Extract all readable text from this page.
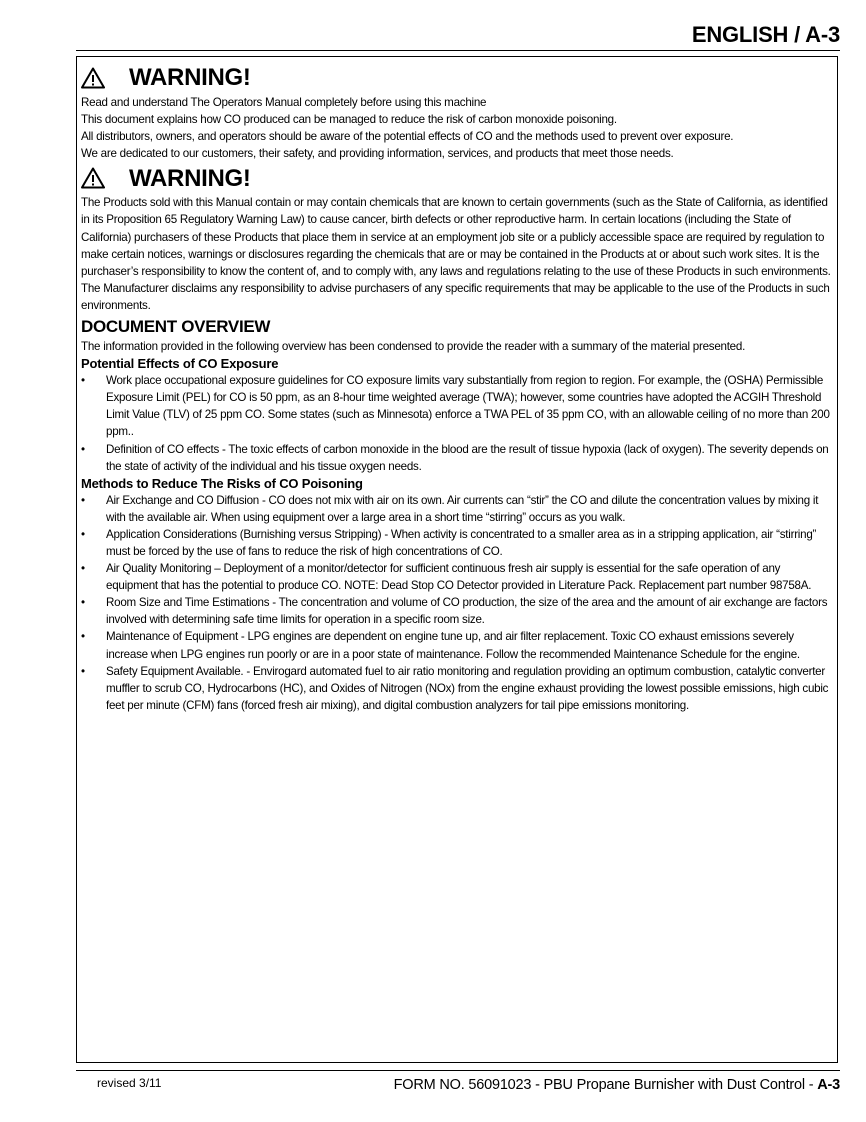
ENGLISH / A-3
WARNING!
Read and understand The Operators Manual completely before using this machine
This document explains how CO produced can be managed to reduce the risk of carbon monoxide poisoning.
All distributors, owners, and operators should be aware of the potential effects of CO and the methods used to prevent over exposure.
We are dedicated to our customers, their safety, and providing information, services, and products that meet those needs.
WARNING!

The Products sold with this Manual contain or may contain chemicals that are known to certain governments (such as the State of California, as identified in its Proposition 65 Regulatory Warning Law) to cause cancer, birth defects or other reproductive harm. In certain locations (including the State of California) purchasers of these Products that place them in service at an employment job site or a publicly accessible space are required by regulation to make certain notices, warnings or disclosures regarding the chemicals that are or may be contained in the Products at or about such work sites. It is the purchaser’s responsibility to know the content of, and to comply with, any laws and regulations relating to the use of these Products in such environments. The Manufacturer disclaims any responsibility to advise purchasers of any specific requirements that may be applicable to the use of the Products in such environments.

DOCUMENT OVERVIEW

The information provided in the following overview has been condensed to provide the reader with a summary of the material presented.

Potential Effects of CO Exposure
• Work place occupational exposure guidelines for CO exposure limits vary substantially from region to region. For example, the (OSHA) Permissible Exposure Limit (PEL) for CO is 50 ppm, as an 8-hour time weighted average (TWA); however, some countries have adopted the ACGIH Threshold Limit Value (TLV) of 25 ppm CO. Some states (such as Minnesota) enforce a TWA PEL of 35 ppm CO, with an allowable ceiling of no more than 200 ppm..
• Definition of CO effects - The toxic effects of carbon monoxide in the blood are the result of tissue hypoxia (lack of oxygen). The severity depends on the state of activity of the individual and his tissue oxygen needs.
Methods to Reduce The Risks of CO Poisoning
• Air Exchange and CO Diffusion - CO does not mix with air on its own. Air currents can “stir” the CO and dilute the concentration values by mixing it with the available air. When using equipment over a large area in a short time “stirring” occurs as you walk.
• Application Considerations (Burnishing versus Stripping) - When activity is concentrated to a smaller area as in a stripping application, air “stirring” must be forced by the use of fans to reduce the risk of high concentrations of CO.
• Air Quality Monitoring – Deployment of a monitor/detector for sufficient continuous fresh air supply is essential for the safe operation of any equipment that has the potential to produce CO. NOTE: Dead Stop CO Detector provided in Literature Pack. Replacement part number 98758A.
• Room Size and Time Estimations - The concentration and volume of CO production, the size of the area and the amount of air exchange are factors involved with determining safe time limits for operation in a specific room size.
• Maintenance of Equipment - LPG engines are dependent on engine tune up, and air filter replacement. Toxic CO exhaust emissions severely increase when LPG engines run poorly or are in a poor state of maintenance. Follow the recommended Maintenance Schedule for the engine.
• Safety Equipment Available. - Envirogard automated fuel to air ratio monitoring and regulation providing an optimum combustion, catalytic converter muffler to scrub CO, Hydrocarbons (HC), and Oxides of Nitrogen (NOx) from the engine exhaust providing the lowest possible emissions, high cubic feet per minute (CFM) fans (forced fresh air mixing), and digital combustion analyzers for tail pipe emissions monitoring.
revised 3/11	FORM NO. 56091023 - PBU Propane Burnisher with Dust Control - A-3
